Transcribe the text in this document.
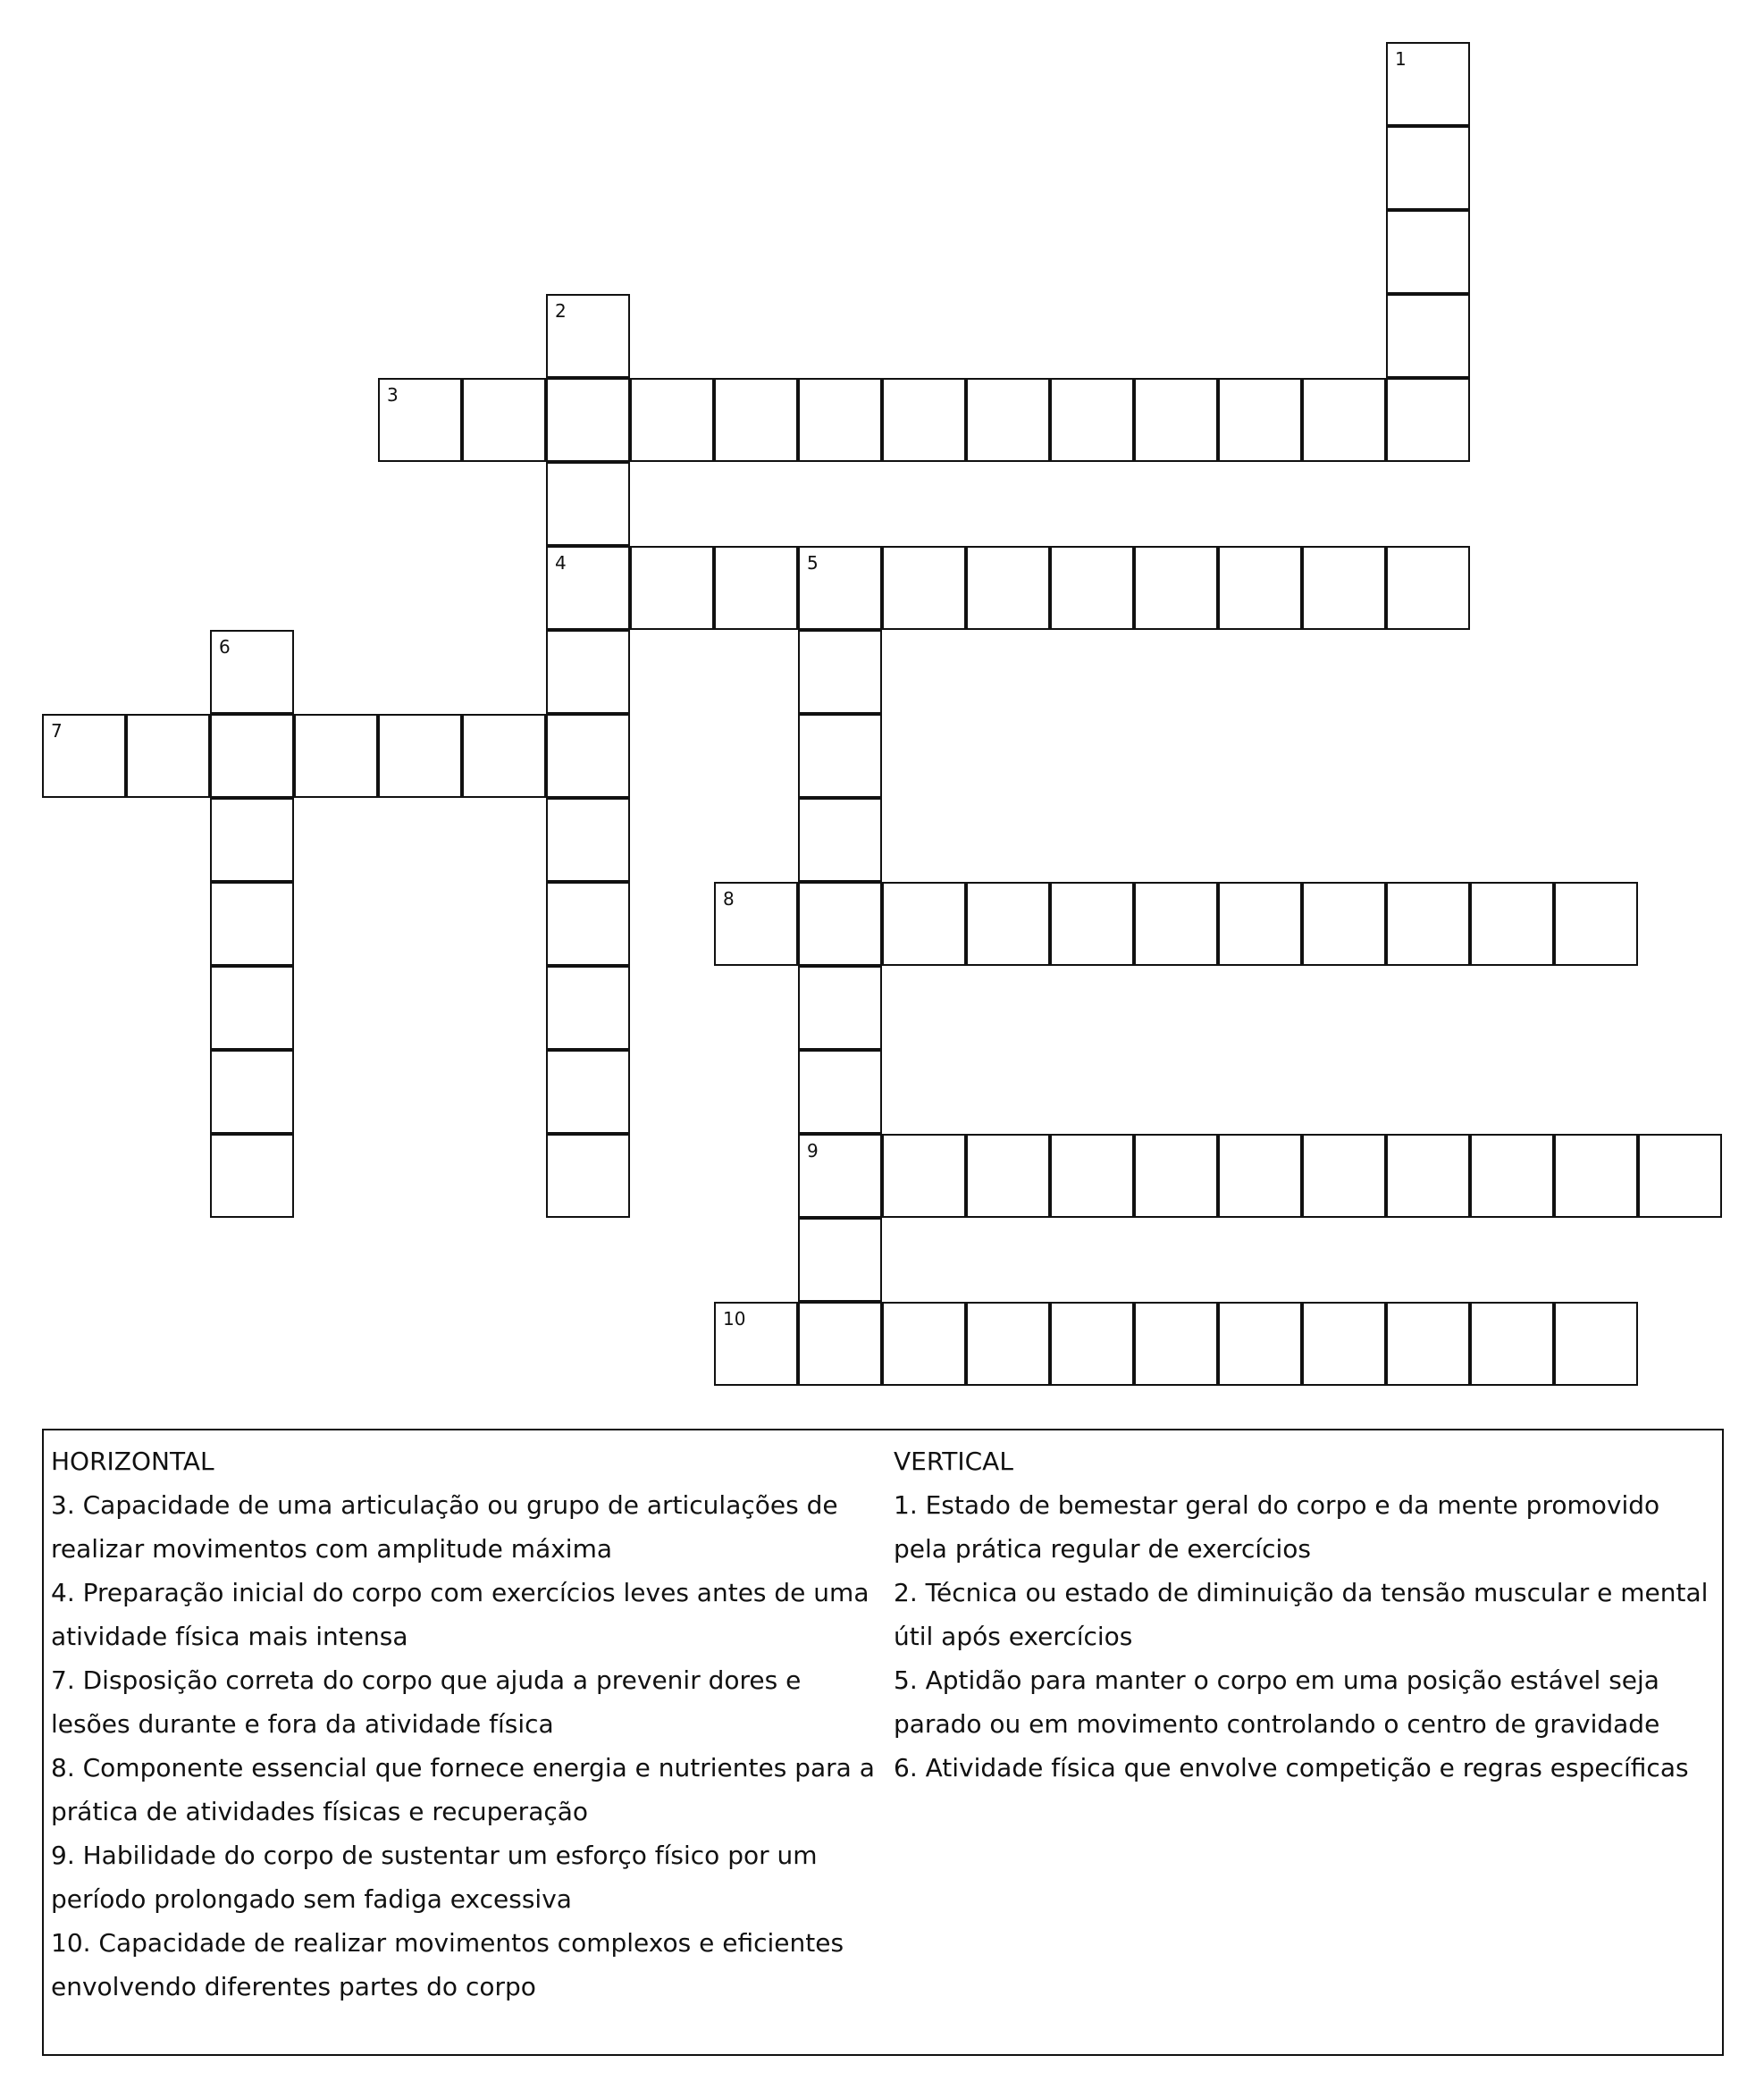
1
2
4
3
5
9
6
7
8
10
HORIZONTAL
3. Capacidade de uma articulação ou grupo de articulações de realizar movimentos com amplitude máxima
4. Preparação inicial do corpo com exercícios leves antes de uma atividade física mais intensa
7. Disposição correta do corpo que ajuda a prevenir dores e lesões durante e fora da atividade física
8. Componente essencial que fornece energia e nutrientes para a prática de atividades físicas e recuperação
9. Habilidade do corpo de sustentar um esforço físico por um período prolongado sem fadiga excessiva
10. Capacidade de realizar movimentos complexos e eficientes envolvendo diferentes partes do corpo
VERTICAL
1. Estado de bemestar geral do corpo e da mente promovido pela prática regular de exercícios
2. Técnica ou estado de diminuição da tensão muscular e mental útil após exercícios
5. Aptidão para manter o corpo em uma posição estável seja parado ou em movimento controlando o centro de gravidade
6. Atividade física que envolve competição e regras específicas
